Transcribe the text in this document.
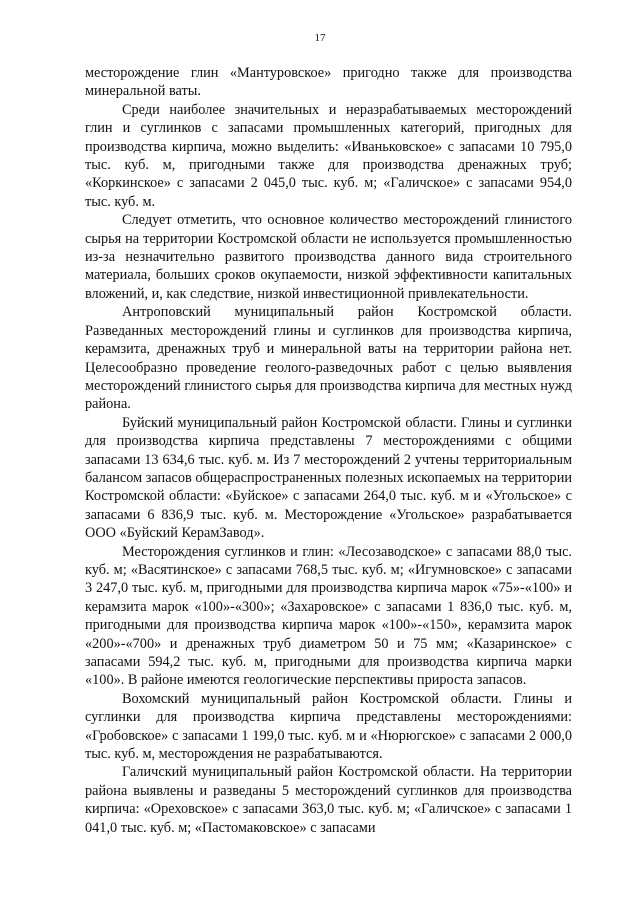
17

месторождение глин «Мантуровское» пригодно также для производства минеральной ваты.

Среди наиболее значительных и неразрабатываемых месторождений глин и суглинков с запасами промышленных категорий, пригодных для производства кирпича, можно выделить: «Иваньковское» с запасами 10 795,0 тыс. куб. м, пригодными также для производства дренажных труб; «Коркинское» с запасами 2 045,0 тыс. куб. м; «Галичское» с запасами 954,0 тыс. куб. м.

Следует отметить, что основное количество месторождений глинистого сырья на территории Костромской области не используется промышленностью из-за незначительно развитого производства данного вида строительного материала, больших сроков окупаемости, низкой эффективности капитальных вложений, и, как следствие, низкой инвестиционной привлекательности.

Антроповский муниципальный район Костромской области. Разведанных месторождений глины и суглинков для производства кирпича, керамзита, дренажных труб и минеральной ваты на территории района нет. Целесообразно проведение геолого-разведочных работ с целью выявления месторождений глинистого сырья для производства кирпича для местных нужд района.

Буйский муниципальный район Костромской области. Глины и суглинки для производства кирпича представлены 7 месторождениями с общими запасами 13 634,6 тыс. куб. м. Из 7 месторождений 2 учтены территориальным балансом запасов общераспространенных полезных ископаемых на территории Костромской области: «Буйское» с запасами 264,0 тыс. куб. м и «Угольское» с запасами 6 836,9 тыс. куб. м. Месторождение «Угольское» разрабатывается ООО «Буйский КерамЗавод».

Месторождения суглинков и глин: «Лесозаводское» с запасами 88,0 тыс. куб. м; «Васятинское» с запасами 768,5 тыс. куб. м; «Игумновское» с запасами 3 247,0 тыс. куб. м, пригодными для производства кирпича марок «75»-«100» и керамзита марок «100»-«300»; «Захаровское» с запасами 1 836,0 тыс. куб. м, пригодными для производства кирпича марок «100»-«150», керамзита марок «200»-«700» и дренажных труб диаметром 50 и 75 мм; «Казаринское» с запасами 594,2 тыс. куб. м, пригодными для производства кирпича марки «100». В районе имеются геологические перспективы прироста запасов.

Вохомский муниципальный район Костромской области. Глины и суглинки для производства кирпича представлены месторождениями: «Гробовское» с запасами 1 199,0 тыс. куб. м и «Нюрюгское» с запасами 2 000,0 тыс. куб. м, месторождения не разрабатываются.

Галичский муниципальный район Костромской области. На территории района выявлены и разведаны 5 месторождений суглинков для производства кирпича: «Ореховское» с запасами 363,0 тыс. куб. м; «Галичское» с запасами 1 041,0 тыс. куб. м; «Пастомаковское» с запасами
